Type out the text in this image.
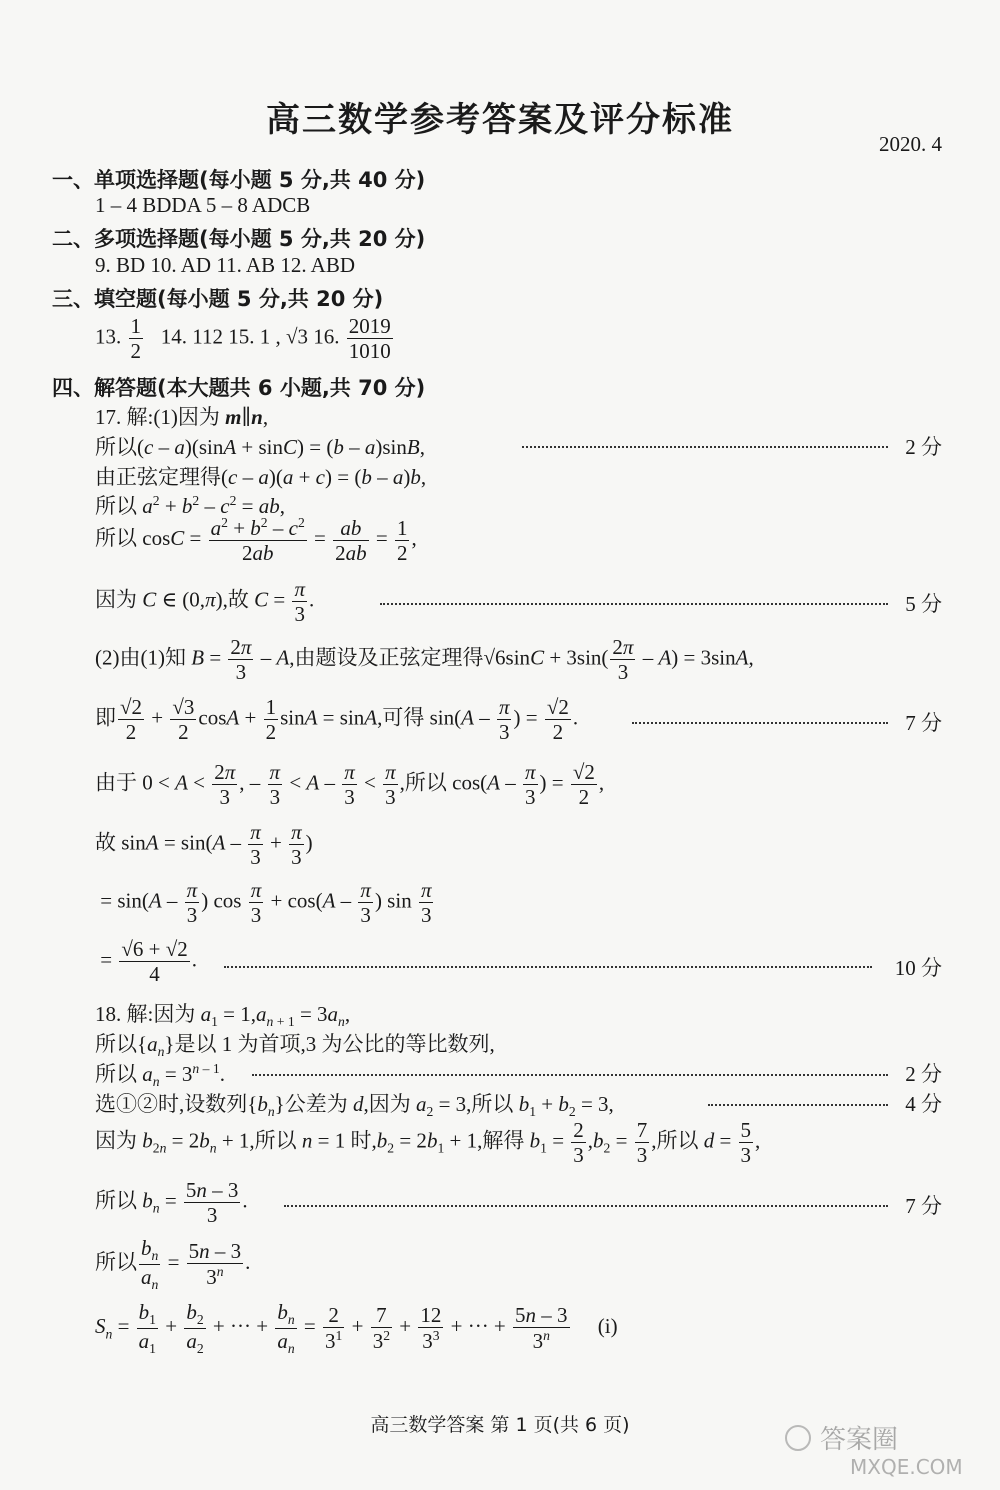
高三数学参考答案及评分标准
2020. 4
一、单项选择题(每小题 5 分,共 40 分)
1 – 4 BDDA 5 – 8 ADCB
二、多项选择题(每小题 5 分,共 20 分)
9. BD 10. AD 11. AB 12. ABD
三、填空题(每小题 5 分,共 20 分)
13. $\frac{1}{2} 14$. 112 15. 1 , √3 16. $\frac{2019}{1010}$
四、解答题(本大题共 6 小题,共 70 分)
17. 解:(1)因为 m∥n,
所以(c – a)(sinA + sinC) = (b – a)sinB,	2 分
由正弦定理得(c – a)(a + c) = (b – a)b,
所以 $a^2 + b^2 - c^2$ = ab,
所以 $\cos C = \frac{a^2 + b^2 - c^2}{2ab} = \frac{ab}{2ab} = \frac{1}{2}$ ,
因为 C ∈ (0,π),故 $C = \frac{\pi}{3}$ .	5 分
(2)由(1)知 $B = \frac{2\pi}{3} - A$,由题设及正弦定理得$√6\sin C + 3\sin( \frac{2\pi}{3} - A) = 3\sin A$,
即 $\frac{√2}{2} + \frac{√3}{2}$ $\cos A + \frac{1}{2}$ sinA = sinA,可得 $\sin(A - \frac{\pi}{3}$ ) = $\frac{√2}{2}$ .	7 分
由于 $0 < A < \frac{2\pi}{3}$ , – $\frac{\pi}{3} < A - \frac{\pi}{3} < \frac{\pi}{3}$ ,所以 $\cos(A - \frac{\pi}{3}$ ) = $\frac{√2}{2}$ ,
故 $\sin A = \sin(A - \frac{\pi}{3} + \frac{\pi}{3}$ )
= $\sin(A - \frac{\pi}{3}$ ) $\cos \frac{\pi}{3} + \cos(A - \frac{\pi}{3}$ ) $\sin \frac{\pi}{3}$
= $\frac{√6 + √2}{4}$ .	10 分
18. 解:因为 $a_1 = 1,a_{n + 1} = 3a_n$,
所以$\{a_n\}$是以 1 为首项,3 为公比的等比数列,
所以 $a_n = 3^{n - 1}$.	2 分
选①②时,设数列$\{b_n\}$公差为 d,因为 $a_2 = 3$,所以 $b_1 + b_2 = 3$,	4 分
因为 $b_{2n} = 2b_n + 1$,所以 n = 1 时$,b_2 = 2b_1 + 1$,解得 $b_1 = \frac{2}{3} ,b_2 = \frac{7}{3}$ ,所以 $d = \frac{5}{3}$ ,
所以 $b_n = \frac{5n - 3}{3}$ .	7 分
所以 $\frac{b_n}{a_n} = \frac{5n - 3}{3^n}$ .
$S_n = \frac{b_1}{a_1} + \frac{b_2}{a_2}$ + ··· + $\frac{b_n}{a_n} = \frac{2}{3^1} + \frac{7}{3^2} + \frac{12}{3^3}$ + ··· + $\frac{5n - 3}{3^n} (i)$
高三数学答案 第 1 页(共 6 页)	答案圈
MXQE.COM
